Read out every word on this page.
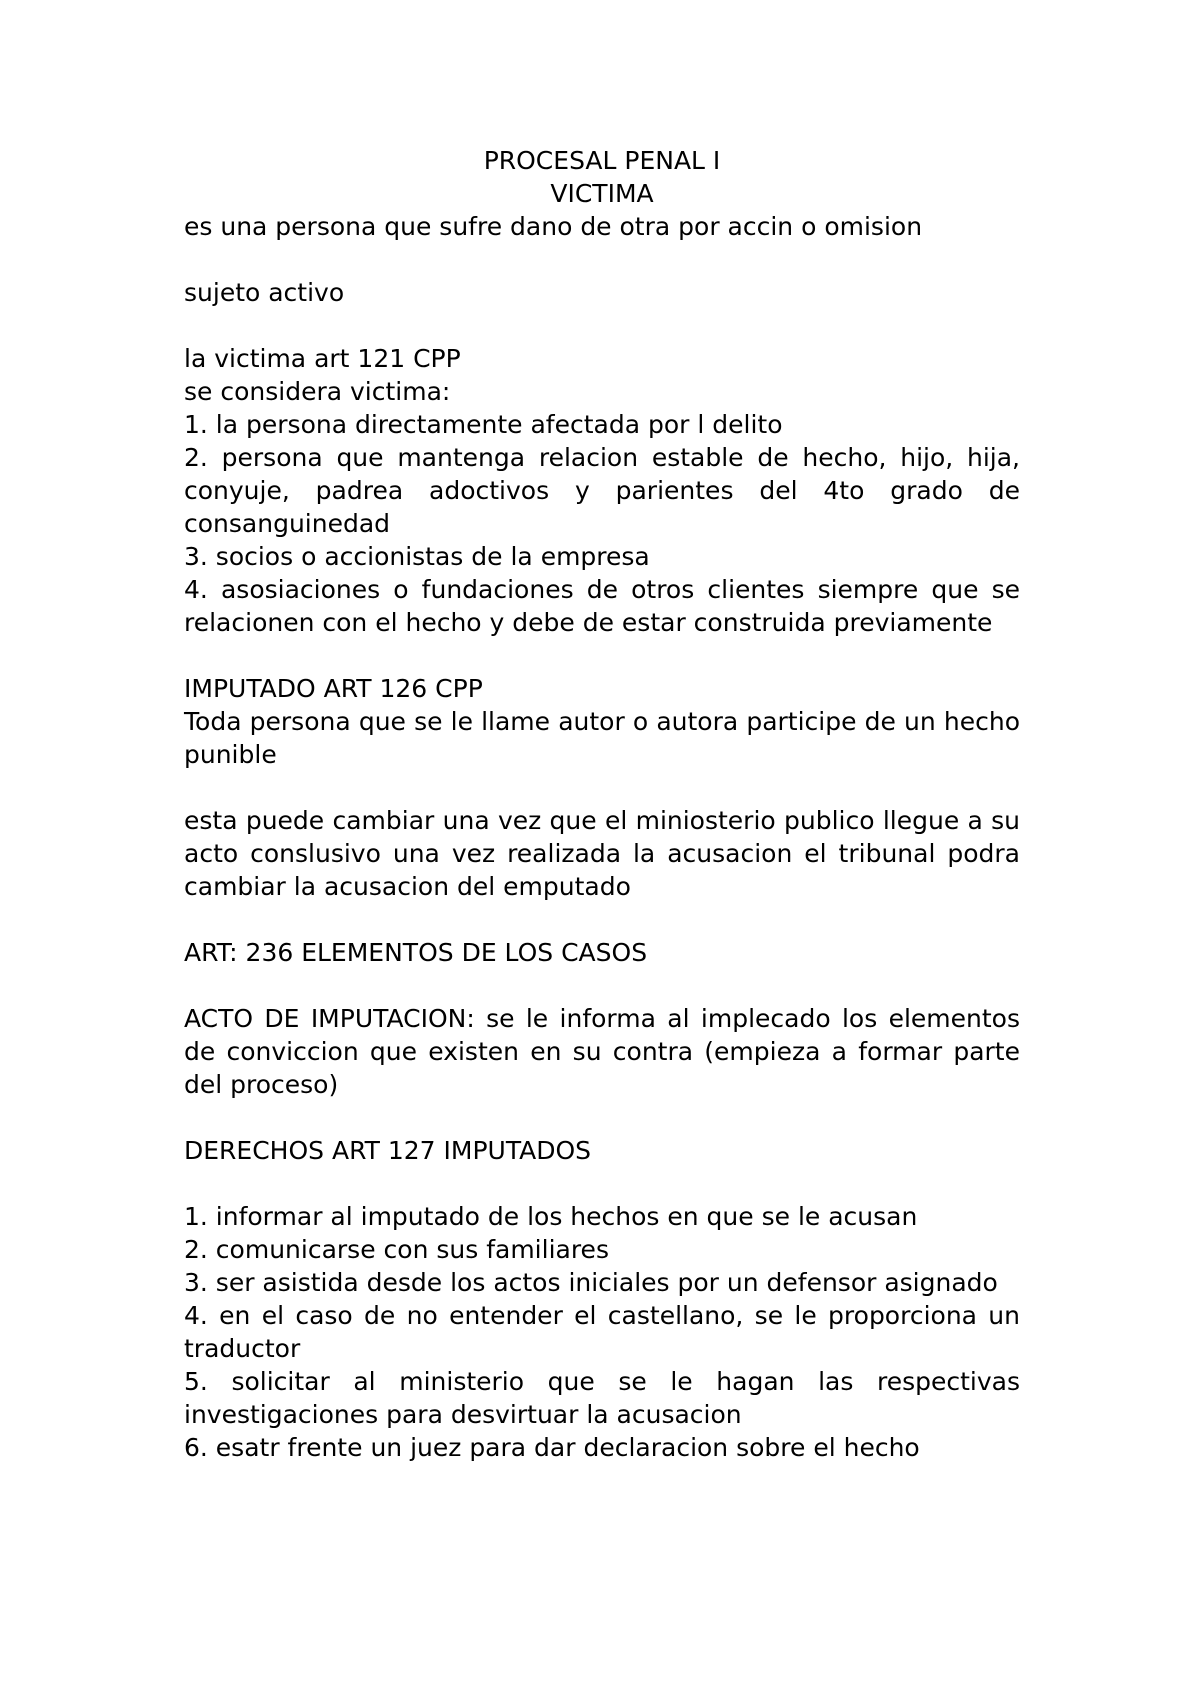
PROCESAL PENAL I

VICTIMA

es una persona que sufre dano de otra por accin o omision

sujeto activo

la victima art 121 CPP

se considera victima:

1. la persona directamente afectada por l delito

2. persona que mantenga relacion estable de hecho, hijo, hija, conyuje, padrea adoctivos y parientes del 4to grado de consanguinedad

3. socios o accionistas de la empresa

4. asosiaciones o fundaciones de otros clientes siempre que se relacionen con el hecho y debe de estar construida previamente

IMPUTADO ART 126 CPP

Toda persona que se le llame autor o autora participe de un hecho punible

esta puede cambiar una vez que el miniosterio publico llegue a su acto conslusivo una vez realizada la acusacion el tribunal podra cambiar la acusacion del emputado

ART: 236 ELEMENTOS DE LOS CASOS

ACTO DE IMPUTACION: se le informa al implecado los elementos de conviccion que existen en su contra (empieza a formar parte del proceso)

DERECHOS ART 127 IMPUTADOS

1. informar al imputado de los hechos en que se le acusan

2. comunicarse con sus familiares

3. ser asistida desde los actos iniciales por un defensor asignado

4. en el caso de no entender el castellano, se le proporciona un traductor

5. solicitar al ministerio que se le hagan las respectivas investigaciones para desvirtuar la acusacion

6. esatr frente un juez para dar declaracion sobre el hecho
